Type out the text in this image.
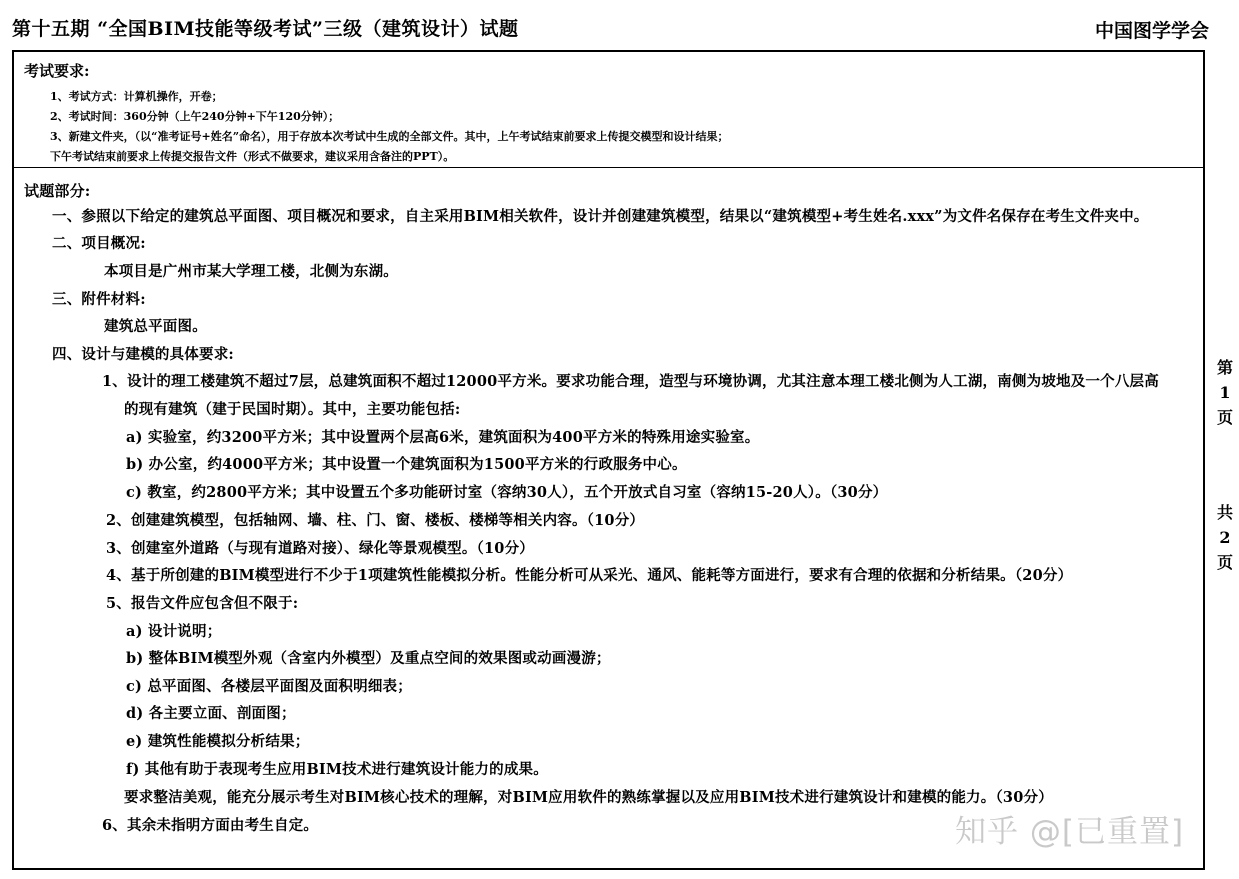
第十五期 “全国BIM技能等级考试”三级（建筑设计）试题	中国图学学会
考试要求:
1、考试方式：计算机操作，开卷；
2、考试时间：360分钟（上午240分钟+下午120分钟）；
3、新建文件夹，（以“准考证号+姓名”命名），用于存放本次考试中生成的全部文件。其中，上午考试结束前要求上传提交模型和设计结果；
下午考试结束前要求上传提交报告文件（形式不做要求，建议采用含备注的PPT）。
试题部分:
一、参照以下给定的建筑总平面图、项目概况和要求，自主采用BIM相关软件，设计并创建建筑模型，结果以“建筑模型+考生姓名.xxx”为文件名保存在考生文件夹中。
二、项目概况:
本项目是广州市某大学理工楼，北侧为东湖。
三、附件材料:
建筑总平面图。
四、设计与建模的具体要求:
1、设计的理工楼建筑不超过7层，总建筑面积不超过12000平方米。要求功能合理，造型与环境协调，尤其注意本理工楼北侧为人工湖，南侧为坡地及一个八层高
的现有建筑（建于民国时期）。其中，主要功能包括:
a) 实验室，约3200平方米；其中设置两个层高6米，建筑面积为400平方米的特殊用途实验室。
b) 办公室，约4000平方米；其中设置一个建筑面积为1500平方米的行政服务中心。
c) 教室，约2800平方米；其中设置五个多功能研讨室（容纳30人），五个开放式自习室（容纳15-20人）。（30分）
2、创建建筑模型，包括轴网、墙、柱、门、窗、楼板、楼梯等相关内容。（10分）
3、创建室外道路（与现有道路对接）、绿化等景观模型。（10分）
4、基于所创建的BIM模型进行不少于1项建筑性能模拟分析。性能分析可从采光、通风、能耗等方面进行，要求有合理的依据和分析结果。（20分）
5、报告文件应包含但不限于:
a) 设计说明；
b) 整体BIM模型外观（含室内外模型）及重点空间的效果图或动画漫游；
c) 总平面图、各楼层平面图及面积明细表；
d) 各主要立面、剖面图；
e) 建筑性能模拟分析结果；
f) 其他有助于表现考生应用BIM技术进行建筑设计能力的成果。
要求整洁美观，能充分展示考生对BIM核心技术的理解，对BIM应用软件的熟练掌握以及应用BIM技术进行建筑设计和建模的能力。（30分）
6、其余未指明方面由考生自定。
第
1
页
共
2
页
知乎 @[已重置]
